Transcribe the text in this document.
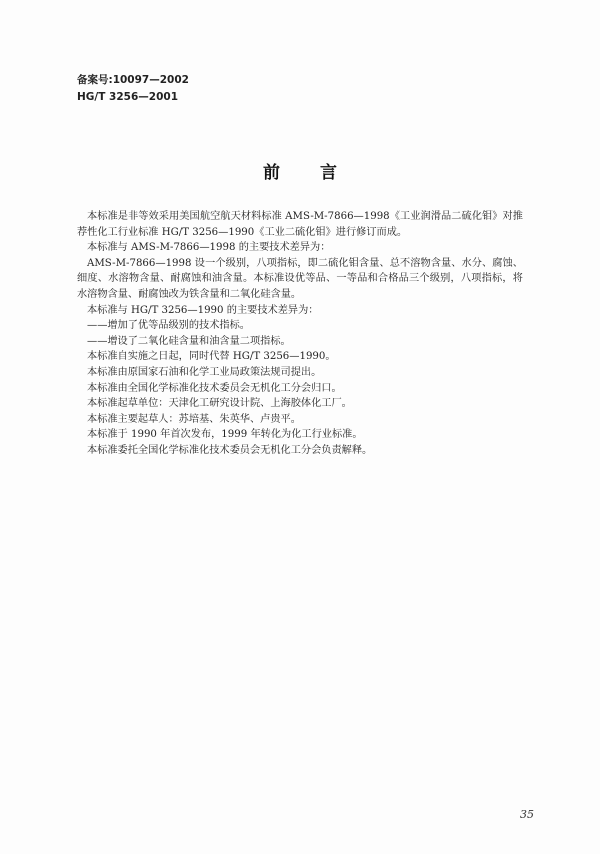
备案号:10097—2002
HG/T 3256—2001
前言

本标准是非等效采用美国航空航天材料标准 AMS-M-7866—1998《工业润滑品二硫化钼》对推荐性化工行业标准 HG/T 3256—1990《工业二硫化钼》进行修订而成。

本标准与 AMS-M-7866—1998 的主要技术差异为：

AMS-M-7866—1998 设一个级别，八项指标，即二硫化钼含量、总不溶物含量、水分、腐蚀、细度、水溶物含量、耐腐蚀和油含量。本标准设优等品、一等品和合格品三个级别，八项指标，将水溶物含量、耐腐蚀改为铁含量和二氧化硅含量。

本标准与 HG/T 3256—1990 的主要技术差异为：

——增加了优等品级别的技术指标。

——增设了二氧化硅含量和油含量二项指标。

本标准自实施之日起，同时代替 HG/T 3256—1990。

本标准由原国家石油和化学工业局政策法规司提出。

本标准由全国化学标准化技术委员会无机化工分会归口。

本标准起草单位：天津化工研究设计院、上海胶体化工厂。

本标准主要起草人：苏培基、朱英华、卢贵平。

本标准于 1990 年首次发布，1999 年转化为化工行业标准。

本标准委托全国化学标准化技术委员会无机化工分会负责解释。

35
